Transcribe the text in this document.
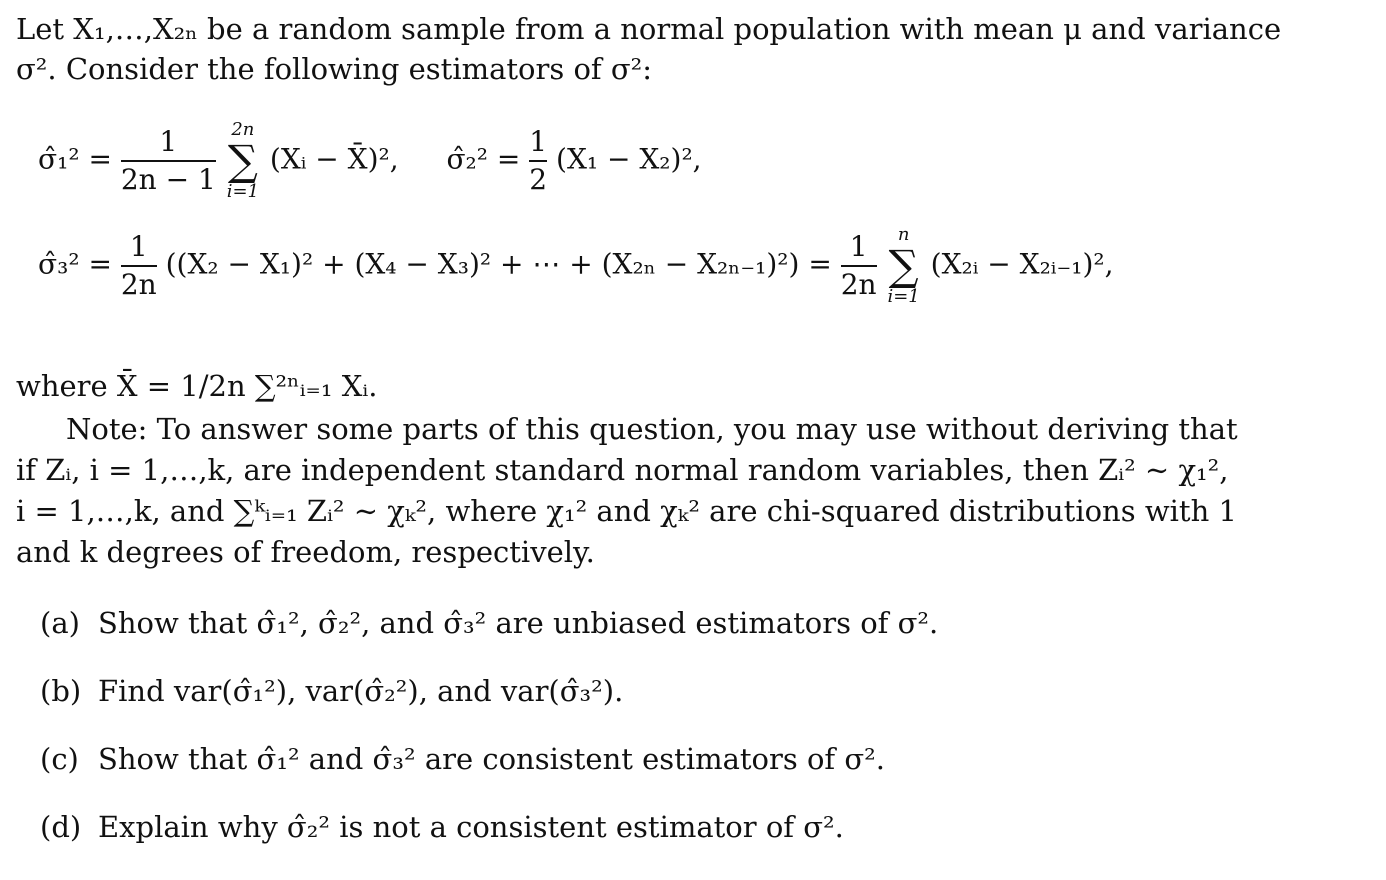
Let X₁,…,X₂ₙ be a random sample from a normal population with mean μ and variance
σ². Consider the following estimators of σ²:
σ̂₁² = $\frac{1}{2n - 1}$
2n
∑
i=1
(Xᵢ − X̄)², σ̂₂² = $\frac{1}{2} (X_1 - X_2)^2$,
σ̂₃² = $\frac{1}{2n} ((X_2 - X_1)^2 + (X_4 - X_3)^2$ + ⋯ + $(X_{2n} - X_{2n-1})^2) = \frac{1}{2n}$
	n
∑
i=1
(X₂ᵢ − X₂ᵢ₋₁)²,
where X̄ = 1/2n ∑²ⁿᵢ₌₁ Xᵢ.
Note: To answer some parts of this question, you may use without deriving that
if Zᵢ, i = 1,…,k, are independent standard normal random variables, then Zᵢ² ∼ χ₁²,
i = 1,…,k, and ∑ᵏᵢ₌₁ Zᵢ² ∼ χₖ², where χ₁² and χₖ² are chi-squared distributions with 1
and k degrees of freedom, respectively.
(a) Show that σ̂₁², σ̂₂², and σ̂₃² are unbiased estimators of σ².
(b) Find var(σ̂₁²), var(σ̂₂²), and var(σ̂₃²).
(c) Show that σ̂₁² and σ̂₃² are consistent estimators of σ².
(d) Explain why σ̂₂² is not a consistent estimator of σ².
